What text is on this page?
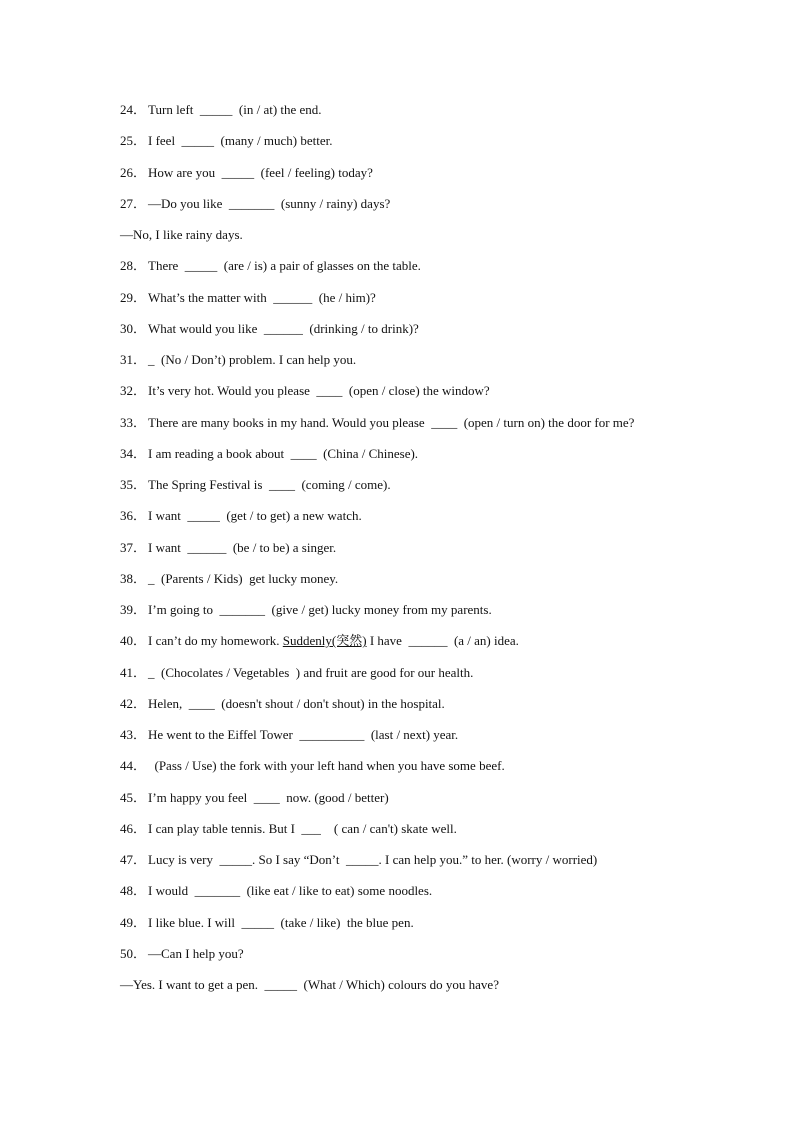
24． Turn left  _____  (in / at) the end.
25． I feel  _____  (many / much) better.
26． How are you  _____  (feel / feeling) today?
27． —Do you like  _______  (sunny / rainy) days?
—No, I like rainy days.
28． There  _____  (are / is) a pair of glasses on the table.
29． What’s the matter with  ______  (he / him)?
30． What would you like  ______  (drinking / to drink)?
31． _  (No / Don’t) problem. I can help you.
32． It’s very hot. Would you please  ____  (open / close) the window?
33． There are many books in my hand. Would you please  ____  (open / turn on) the door for me?
34． I am reading a book about  ____  (China / Chinese).
35． The Spring Festival is  ____  (coming / come).
36． I want  _____  (get / to get) a new watch.
37． I want  ______  (be / to be) a singer.
38． _  (Parents / Kids)  get lucky money.
39． I’m going to  _______  (give / get) lucky money from my parents.
40． I can’t do my homework. Suddenly(突然) I have  ______  (a / an) idea.
41． _  (Chocolates / Vegetables  ) and fruit are good for our health.
42． Helen,  ____  (doesn't shout / don't shout) in the hospital.
43． He went to the Eiffel Tower  __________  (last / next) year.
44．  (Pass / Use) the fork with your left hand when you have some beef.
45． I’m happy you feel  ____  now. (good / better)
46． I can play table tennis. But I  ___    ( can / can't) skate well.
47． Lucy is very  _____. So I say “Don’t  _____. I can help you.” to her. (worry / worried)
48． I would  _______  (like eat / like to eat) some noodles.
49． I like blue. I will  _____  (take / like)  the blue pen.
50． —Can I help you?
—Yes. I want to get a pen.  _____  (What / Which) colours do you have?
